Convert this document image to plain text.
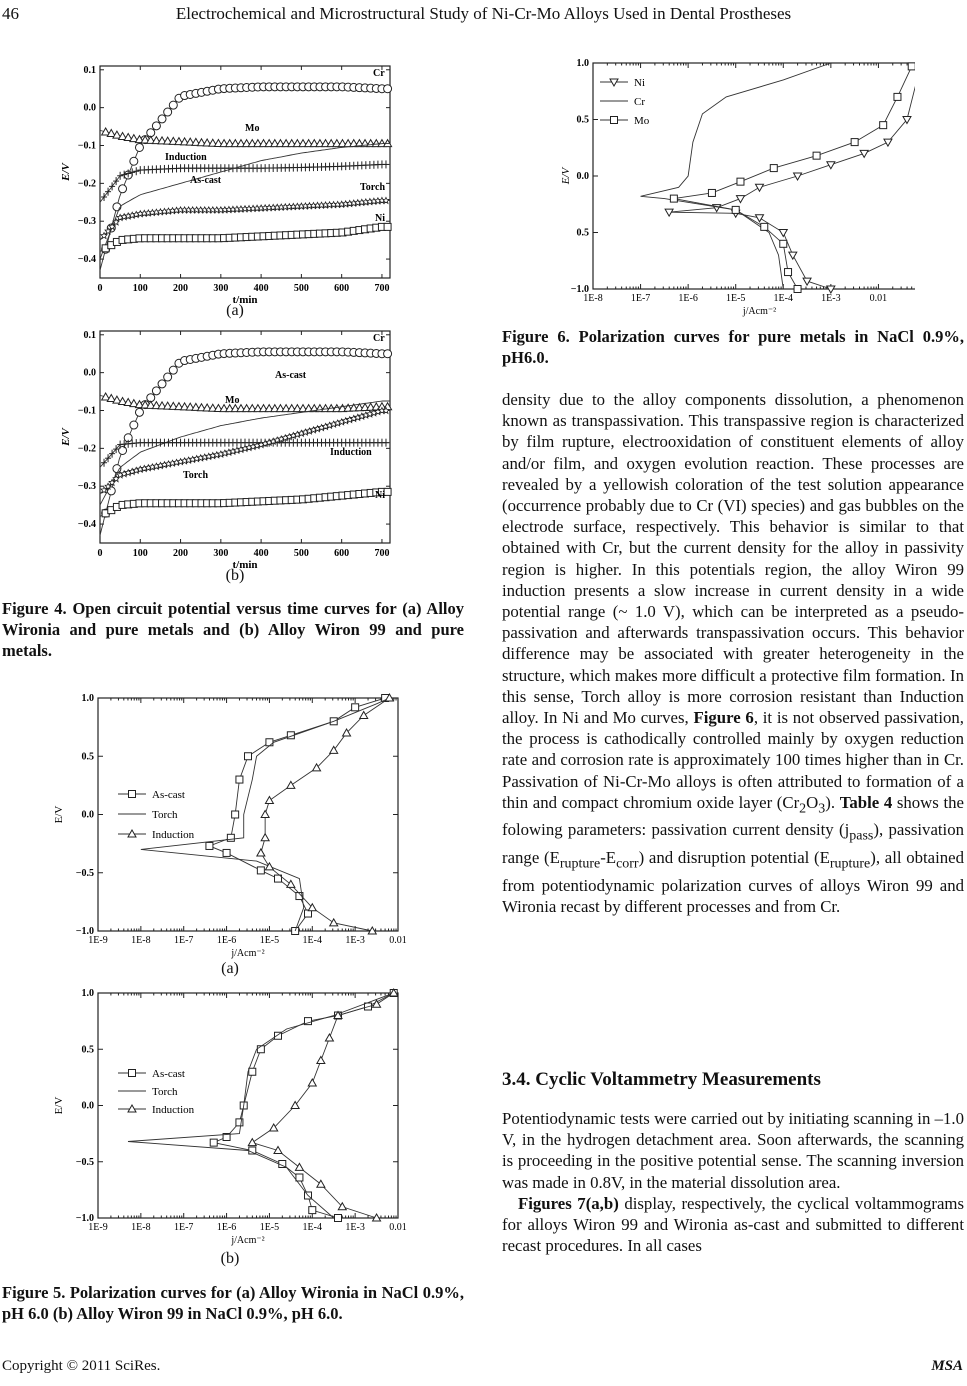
46	Electrochemical and Microstructural Study of Ni-Cr-Mo Alloys Used in Dental Prostheses
0	100	200	300	400	500	600	700
0.1
0.0
−0.1
−0.2
−0.3
−0.4
t/min
E/V
Cr
Mo
Induction
As-cast
Torch
Ni
(a)
0	100	200	300	400	500	600	700
0.1
0.0
−0.1
−0.2
−0.3
−0.4
t/min
E/V
Cr
Mo
As-cast
Induction
Torch
Ni
(b)
Figure 4. Open circuit potential versus time curves for (a) Alloy Wironia and pure metals and (b) Alloy Wiron 99 and pure metals.
1E-9 1E-8 1E-7 1E-6 1E-5 1E-4 1E-3 0.01
1.0
0.5
0.0
−0.5
−1.0
j/Acm⁻²
E/V
As-cast
Torch
Induction
(a)
1E-9 1E-8 1E-7 1E-6 1E-5 1E-4 1E-3 0.01
1.0
0.5
0.0
−0.5
−1.0
j/Acm⁻²
E/V
As-cast
Torch
Induction
(b)
Figure 5. Polarization curves for (a) Alloy Wironia in NaCl 0.9%, pH 6.0 (b) Alloy Wiron 99 in NaCl 0.9%, pH 6.0.
1E-8	1E-7	1E-6	1E-5	1E-4	1E-3	0.01
1.0
0.5
0.0
0.5
−1.0
j/Acm⁻²
E/V
Ni
Cr
Mo
Figure 6. Polarization curves for pure metals in NaCl 0.9%, pH6.0.

density due to the alloy components dissolution, a phenomenon known as transpassivation. This transpassive region is characterized by film rupture, electrooxidation of constituent elements of alloy and/or film, and oxygen evolution reaction. These processes are revealed by a yellowish coloration of the test solution appearance (occurrence probably due to Cr (VI) species) and gas bubbles on the electrode surface, respectively. This behavior is similar to that obtained with Cr, but the current density for the alloy in passivity region is higher. In this potentials region, the alloy Wiron 99 induction presents a slow increase in current density in a wide potential range (~ 1.0 V), which can be interpreted as a pseudo-passivation and afterwards transpassivation occurs. This behavior difference may be associated with greater heterogeneity in the structure, which makes more difficult a protective film formation. In this sense, Torch alloy is more corrosion resistant than Induction alloy. In Ni and Mo curves, Figure 6, it is not observed passivation, the process is cathodically controlled mainly by oxygen reduction rate and corrosion rate is approximately 100 times higher than in Cr. Passivation of Ni-Cr-Mo alloys is often attributed to formation of a thin and compact chromium oxide layer $(Cr_2O_3)$. Table 4 shows the folowing parameters: passivation current density $(j_{pass})$, passivation range $(E_{rupture}-E_{corr})$ and disruption potential $(E_{rupture})$, all obtained from potentiodynamic polarization curves of alloys Wiron 99 and Wironia recast by different processes and from Cr.

3.4. Cyclic Voltammetry Measurements

Potentiodynamic tests were carried out by initiating scanning in –1.0 V, in the hydrogen detachment area. Soon afterwards, the scanning is proceeding in the positive potential sense. The scanning inversion was made in 0.8V, in the material dissolution area.

Figures 7(a,b) display, respectively, the cyclical voltammograms for alloys Wiron 99 and Wironia as-cast and submitted to different recast procedures. In all cases

Copyright © 2011 SciRes.	MSA
